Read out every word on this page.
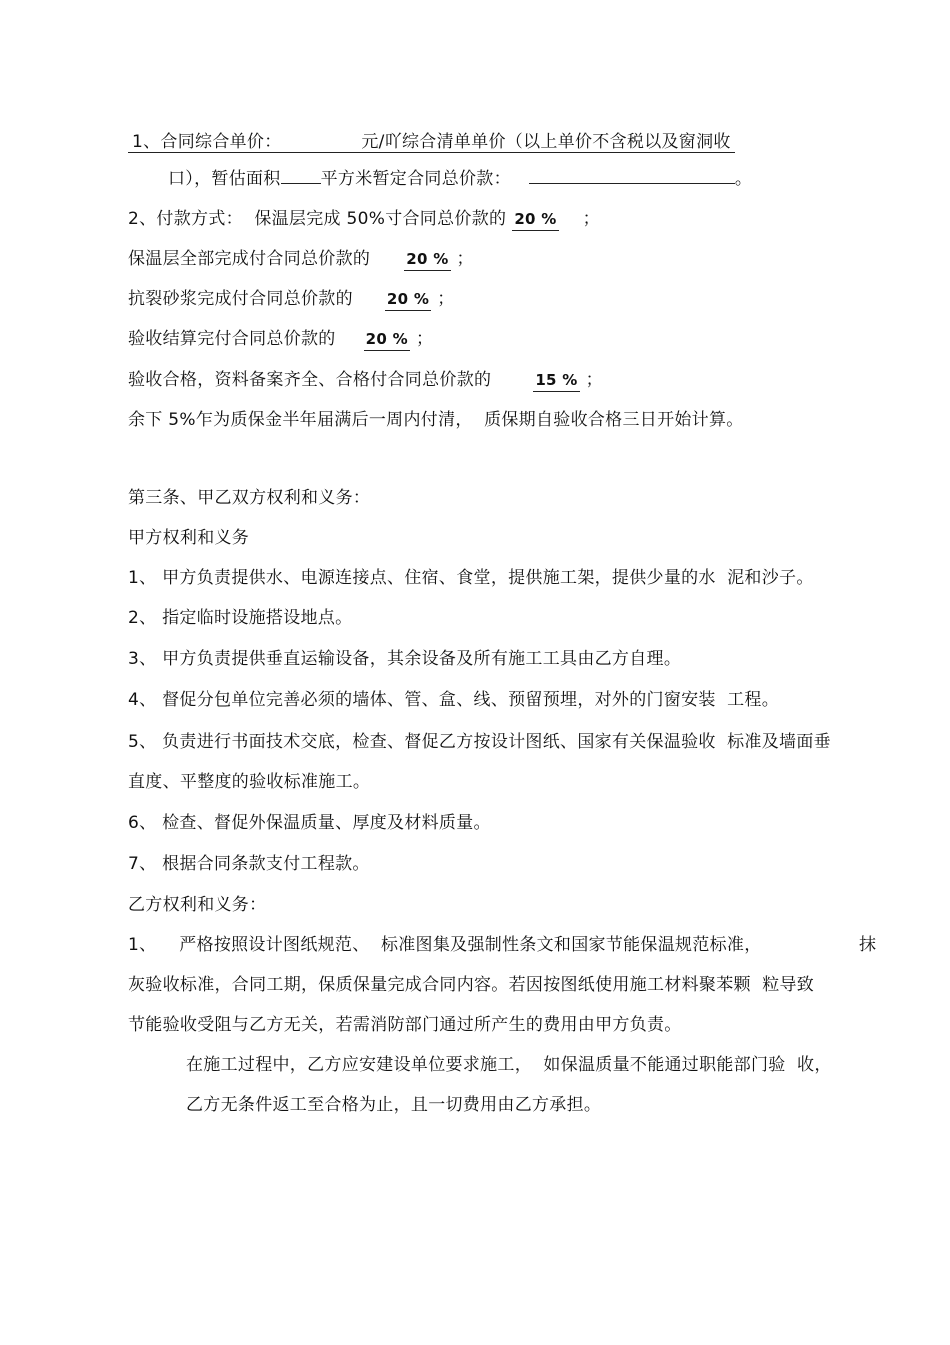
1、合同综合单价：              元/吖综合清单单价（以上单价不含税以及窗洞收
口），暂估面积 平方米暂定合同总价款：	。
2、付款方式：  保温层完成 50%寸合同总价款的 20 % ；
保温层全部完成付合同总价款的 20 % ；
抗裂砂浆完成付合同总价款的 20 % ；
验收结算完付合同总价款的 20 % ；
验收合格，资料备案齐全、合格付合同总价款的	15 % ；
余下 5%乍为质保金半年届满后一周内付清，  质保期自验收合格三日开始计算。
第三条、甲乙双方权利和义务：
甲方权利和义务
1、 甲方负责提供水、电源连接点、住宿、食堂，提供施工架，提供少量的水  泥和沙子。
2、 指定临时设施搭设地点。
3、 甲方负责提供垂直运输设备，其余设备及所有施工工具由乙方自理。
4、 督促分包单位完善必须的墙体、管、盒、线、预留预埋，对外的门窗安装  工程。
5、 负责进行书面技术交底，检查、督促乙方按设计图纸、国家有关保温验收  标准及墙面垂
直度、平整度的验收标准施工。
6、 检查、督促外保温质量、厚度及材料质量。
7、 根据合同条款支付工程款。
乙方权利和义务：
1、    严格按照设计图纸规范、  标准图集及强制性条文和国家节能保温规范标准，	抹
灰验收标准，合同工期，保质保量完成合同内容。若因按图纸使用施工材料聚苯颗  粒导致
节能验收受阻与乙方无关，若需消防部门通过所产生的费用由甲方负责。
在施工过程中，乙方应安建设单位要求施工，  如保温质量不能通过职能部门验  收，
乙方无条件返工至合格为止，且一切费用由乙方承担。
